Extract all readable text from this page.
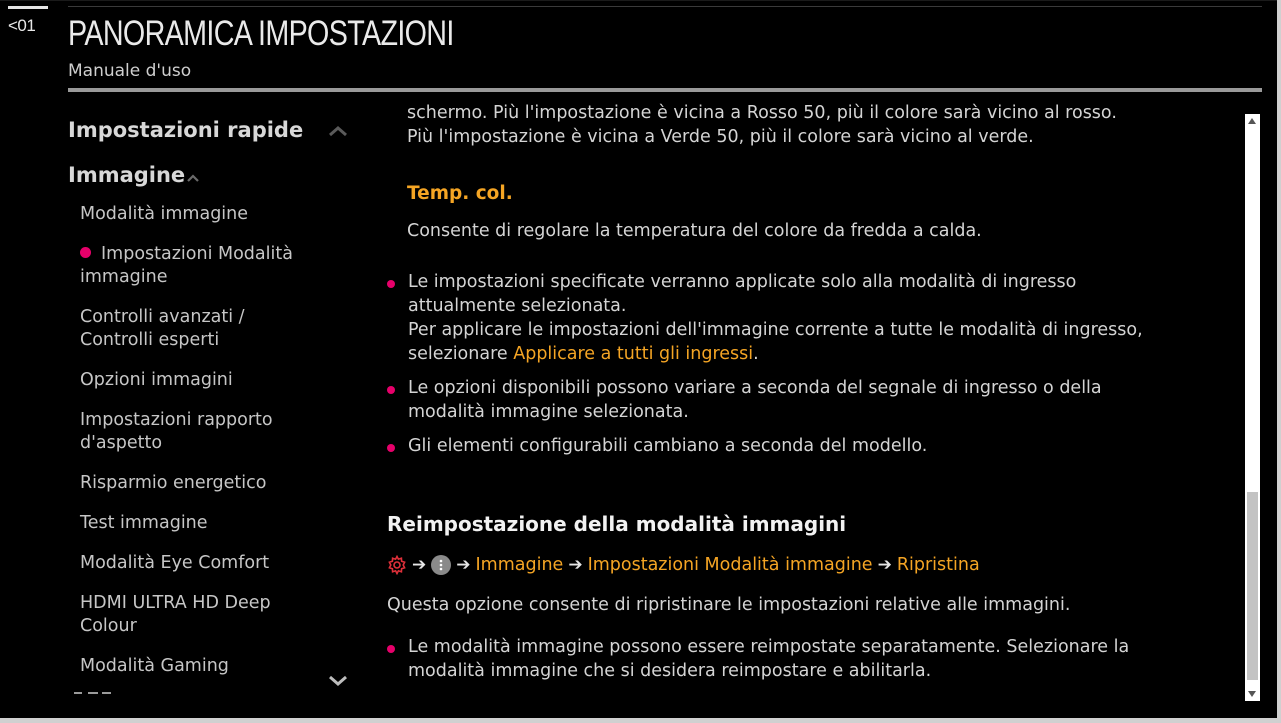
<01 PANORAMICA IMPOSTAZIONI
Manuale d'uso
Impostazioni rapide
Immagine
Modalità immagine
Impostazioni Modalità
immagine
Controlli avanzati /
Controlli esperti
Opzioni immagini
Impostazioni rapporto
d'aspetto
Risparmio energetico
Test immagine
Modalità Eye Comfort
HDMI ULTRA HD Deep
Colour
Modalità Gaming
schermo. Più l'impostazione è vicina a Rosso 50, più il colore sarà vicino al rosso.
Più l'impostazione è vicina a Verde 50, più il colore sarà vicino al verde.
Temp. col.
Consente di regolare la temperatura del colore da fredda a calda.
Le impostazioni specificate verranno applicate solo alla modalità di ingresso
attualmente selezionata.
Per applicare le impostazioni dell'immagine corrente a tutte le modalità di ingresso,
selezionare Applicare a tutti gli ingressi.
Le opzioni disponibili possono variare a seconda del segnale di ingresso o della
modalità immagine selezionata.
Gli elementi configurabili cambiano a seconda del modello.
Reimpostazione della modalità immagini
➔ ➔ Immagine ➔ Impostazioni Modalità immagine ➔ Ripristina
Questa opzione consente di ripristinare le impostazioni relative alle immagini.
Le modalità immagine possono essere reimpostate separatamente. Selezionare la
modalità immagine che si desidera reimpostare e abilitarla.
